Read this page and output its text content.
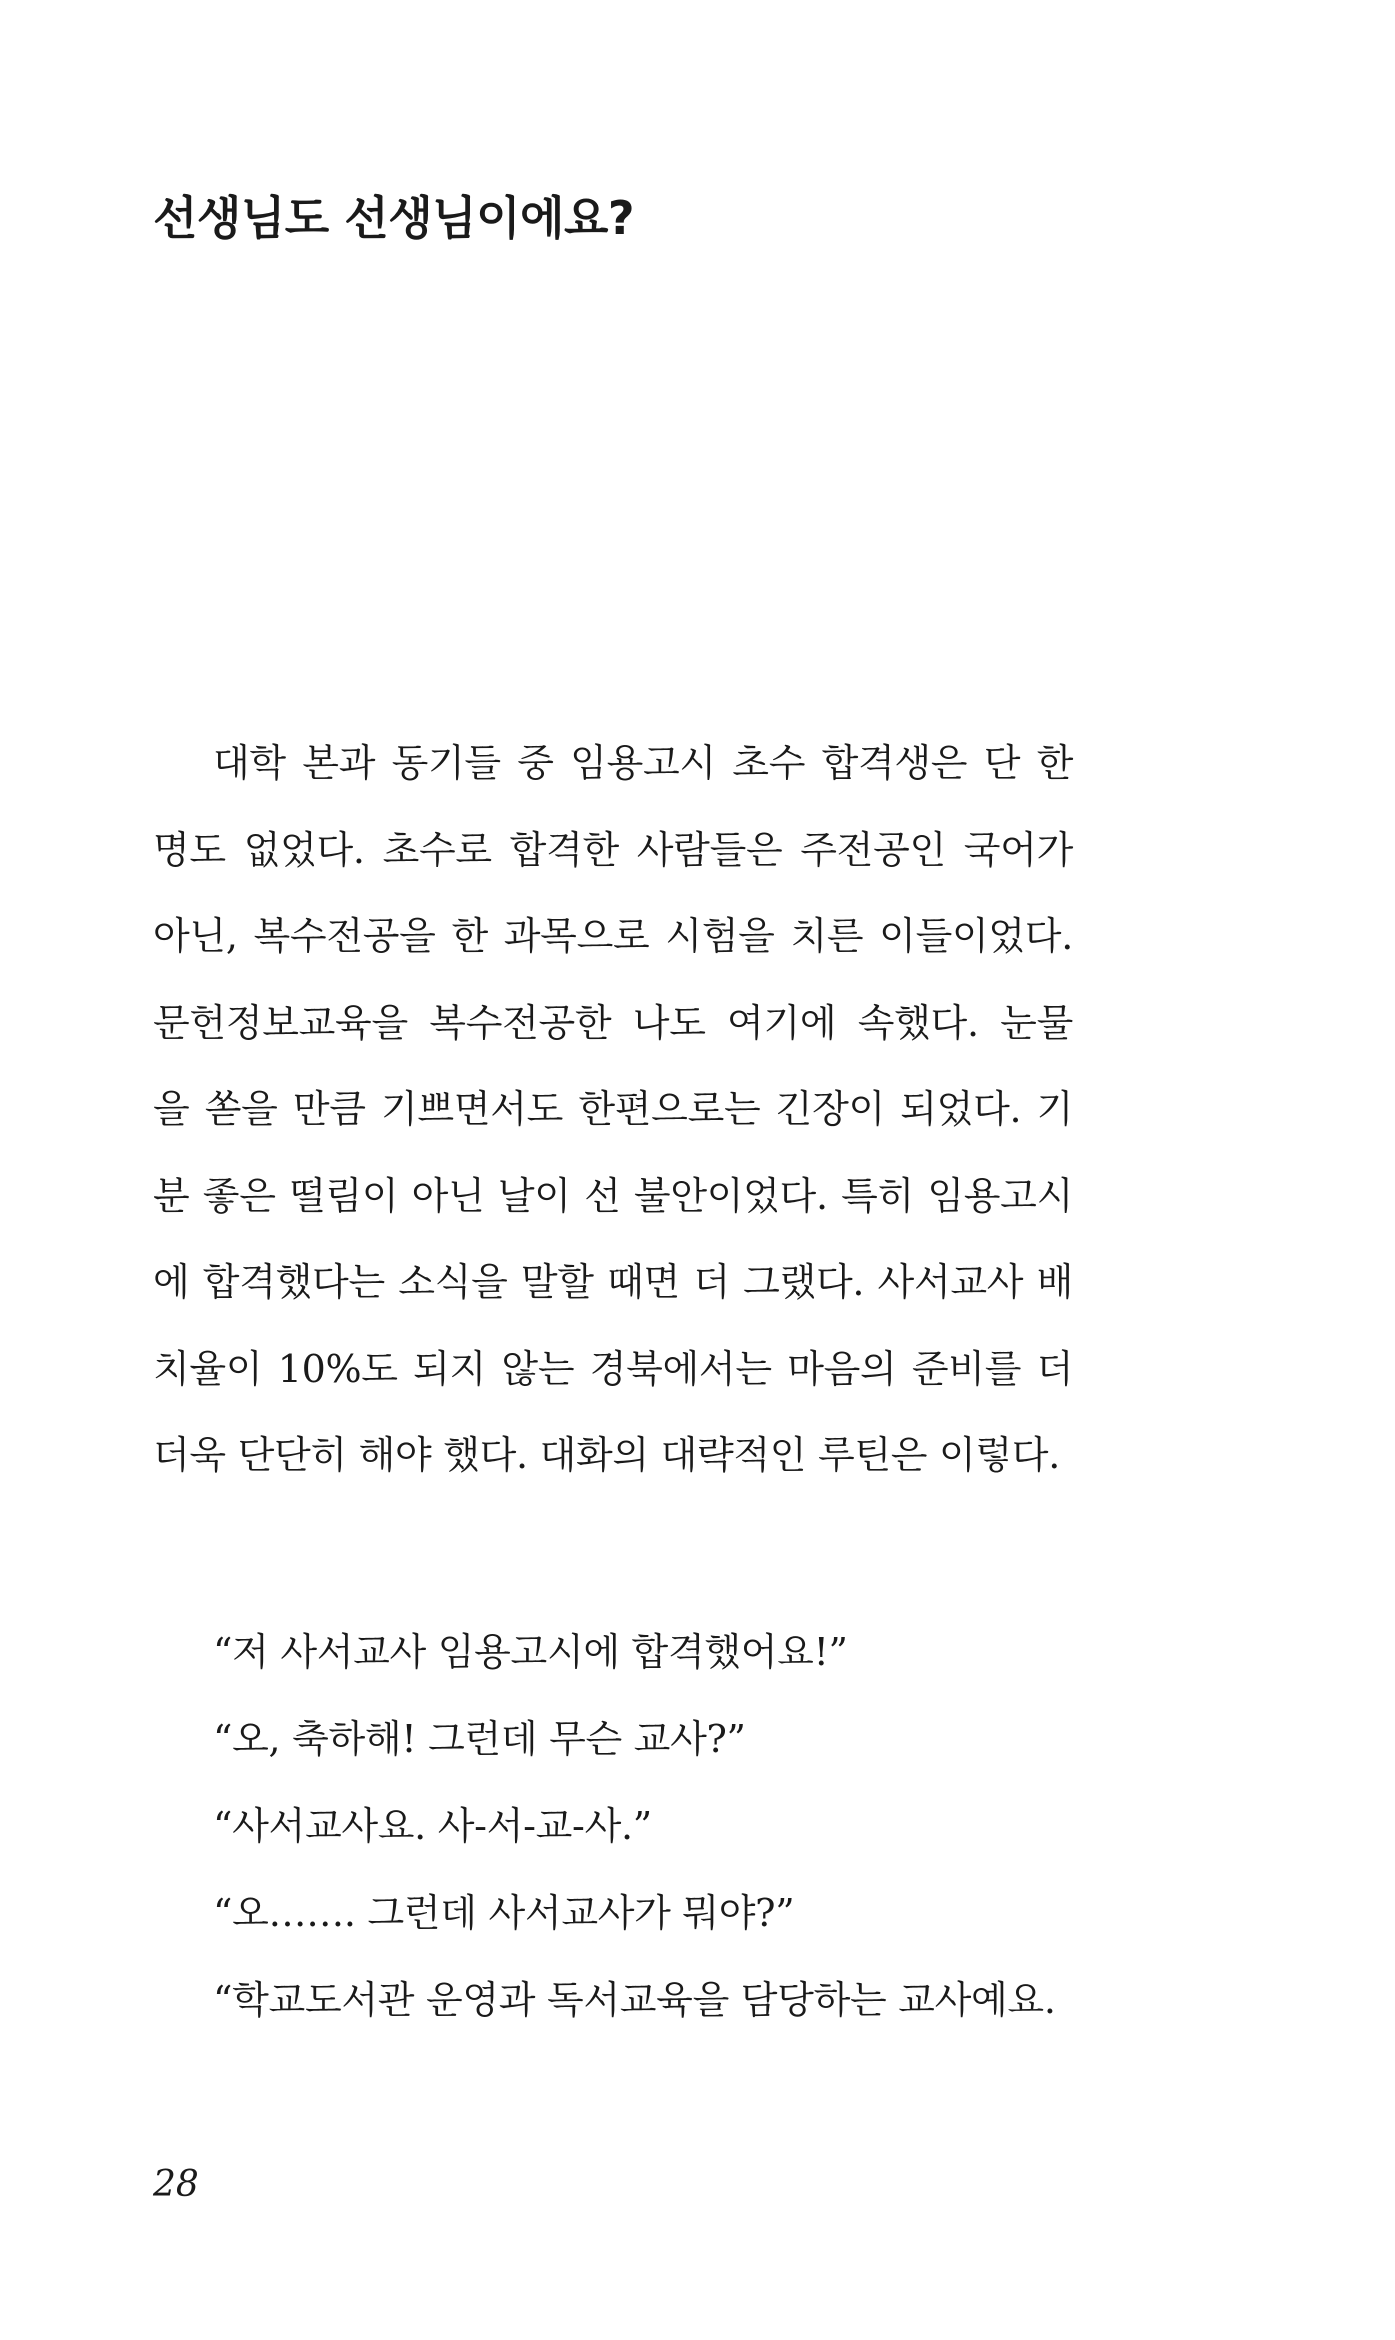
선생님도 선생님이에요?
대학 본과 동기들 중 임용고시 초수 합격생은 단 한
명도 없었다. 초수로 합격한 사람들은 주전공인 국어가
아닌, 복수전공을 한 과목으로 시험을 치른 이들이었다.
문헌정보교육을 복수전공한 나도 여기에 속했다. 눈물
을 쏟을 만큼 기쁘면서도 한편으로는 긴장이 되었다. 기
분 좋은 떨림이 아닌 날이 선 불안이었다. 특히 임용고시
에 합격했다는 소식을 말할 때면 더 그랬다. 사서교사 배
치율이 10%도 되지 않는 경북에서는 마음의 준비를 더
더욱 단단히 해야 했다. 대화의 대략적인 루틴은 이렇다.
“저 사서교사 임용고시에 합격했어요!”
“오, 축하해! 그런데 무슨 교사?”
“사서교사요. 사-서-교-사.”
“오……. 그런데 사서교사가 뭐야?”
“학교도서관 운영과 독서교육을 담당하는 교사예요.
28
